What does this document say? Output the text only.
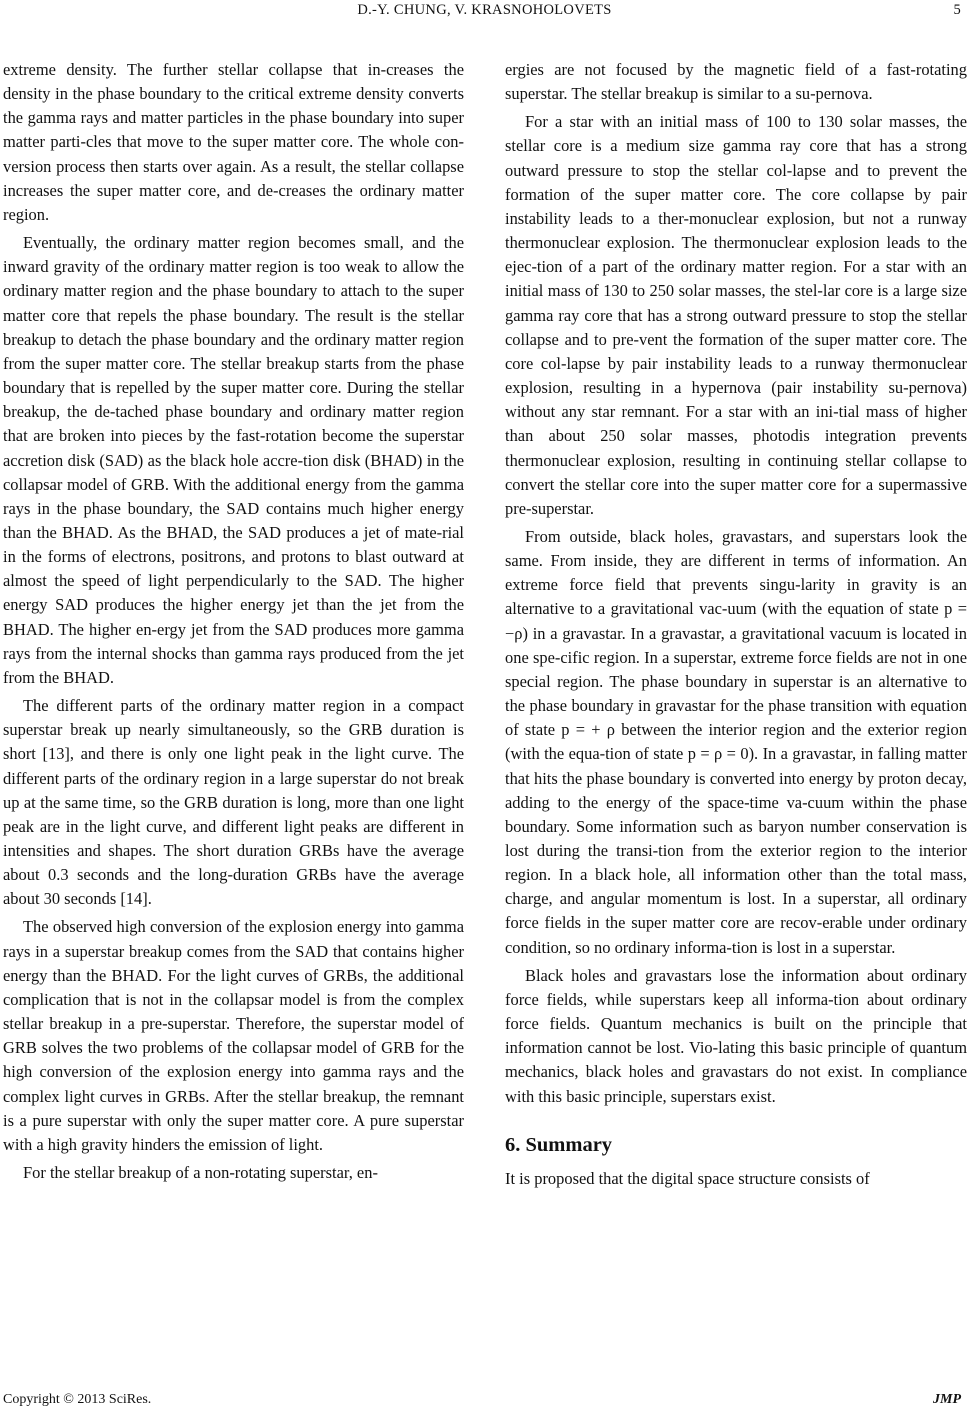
D.-Y. CHUNG, V. KRASNOHOLOVETS	5

extreme density. The further stellar collapse that in-creases the density in the phase boundary to the critical extreme density converts the gamma rays and matter particles in the phase boundary into super matter parti-cles that move to the super matter core. The whole con-version process then starts over again. As a result, the stellar collapse increases the super matter core, and de-creases the ordinary matter region.

Eventually, the ordinary matter region becomes small, and the inward gravity of the ordinary matter region is too weak to allow the ordinary matter region and the phase boundary to attach to the super matter core that repels the phase boundary. The result is the stellar breakup to detach the phase boundary and the ordinary matter region from the super matter core. The stellar breakup starts from the phase boundary that is repelled by the super matter core. During the stellar breakup, the de-tached phase boundary and ordinary matter region that are broken into pieces by the fast-rotation become the superstar accretion disk (SAD) as the black hole accre-tion disk (BHAD) in the collapsar model of GRB. With the additional energy from the gamma rays in the phase boundary, the SAD contains much higher energy than the BHAD. As the BHAD, the SAD produces a jet of mate-rial in the forms of electrons, positrons, and protons to blast outward at almost the speed of light perpendicularly to the SAD. The higher energy SAD produces the higher energy jet than the jet from the BHAD. The higher en-ergy jet from the SAD produces more gamma rays from the internal shocks than gamma rays produced from the jet from the BHAD.

The different parts of the ordinary matter region in a compact superstar break up nearly simultaneously, so the GRB duration is short [13], and there is only one light peak in the light curve. The different parts of the ordinary region in a large superstar do not break up at the same time, so the GRB duration is long, more than one light peak are in the light curve, and different light peaks are different in intensities and shapes. The short duration GRBs have the average about 0.3 seconds and the long-duration GRBs have the average about 30 seconds [14].

The observed high conversion of the explosion energy into gamma rays in a superstar breakup comes from the SAD that contains higher energy than the BHAD. For the light curves of GRBs, the additional complication that is not in the collapsar model is from the complex stellar breakup in a pre-superstar. Therefore, the superstar model of GRB solves the two problems of the collapsar model of GRB for the high conversion of the explosion energy into gamma rays and the complex light curves in GRBs. After the stellar breakup, the remnant is a pure superstar with only the super matter core. A pure superstar with a high gravity hinders the emission of light.

For the stellar breakup of a non-rotating superstar, en-

ergies are not focused by the magnetic field of a fast-rotating superstar. The stellar breakup is similar to a su-pernova.

For a star with an initial mass of 100 to 130 solar masses, the stellar core is a medium size gamma ray core that has a strong outward pressure to stop the stellar col-lapse and to prevent the formation of the super matter core. The core collapse by pair instability leads to a ther-monuclear explosion, but not a runway thermonuclear explosion. The thermonuclear explosion leads to the ejec-tion of a part of the ordinary matter region. For a star with an initial mass of 130 to 250 solar masses, the stel-lar core is a large size gamma ray core that has a strong outward pressure to stop the stellar collapse and to pre-vent the formation of the super matter core. The core col-lapse by pair instability leads to a runway thermonuclear explosion, resulting in a hypernova (pair instability su-pernova) without any star remnant. For a star with an ini-tial mass of higher than about 250 solar masses, photodis integration prevents thermonuclear explosion, resulting in continuing stellar collapse to convert the stellar core into the super matter core for a supermassive pre-superstar.

From outside, black holes, gravastars, and superstars look the same. From inside, they are different in terms of information. An extreme force field that prevents singu-larity in gravity is an alternative to a gravitational vac-uum (with the equation of state p = −ρ) in a gravastar. In a gravastar, a gravitational vacuum is located in one spe-cific region. In a superstar, extreme force fields are not in one special region. The phase boundary in superstar is an alternative to the phase boundary in gravastar for the phase transition with equation of state p = + ρ between the interior region and the exterior region (with the equa-tion of state p = ρ = 0). In a gravastar, in falling matter that hits the phase boundary is converted into energy by proton decay, adding to the energy of the space-time va-cuum within the phase boundary. Some information such as baryon number conservation is lost during the transi-tion from the exterior region to the interior region. In a black hole, all information other than the total mass, charge, and angular momentum is lost. In a superstar, all ordinary force fields in the super matter core are recov-erable under ordinary condition, so no ordinary informa-tion is lost in a superstar.

Black holes and gravastars lose the information about ordinary force fields, while superstars keep all informa-tion about ordinary force fields. Quantum mechanics is built on the principle that information cannot be lost. Vio-lating this basic principle of quantum mechanics, black holes and gravastars do not exist. In compliance with this basic principle, superstars exist.

6. Summary

It is proposed that the digital space structure consists of

Copyright © 2013 SciRes.	JMP
